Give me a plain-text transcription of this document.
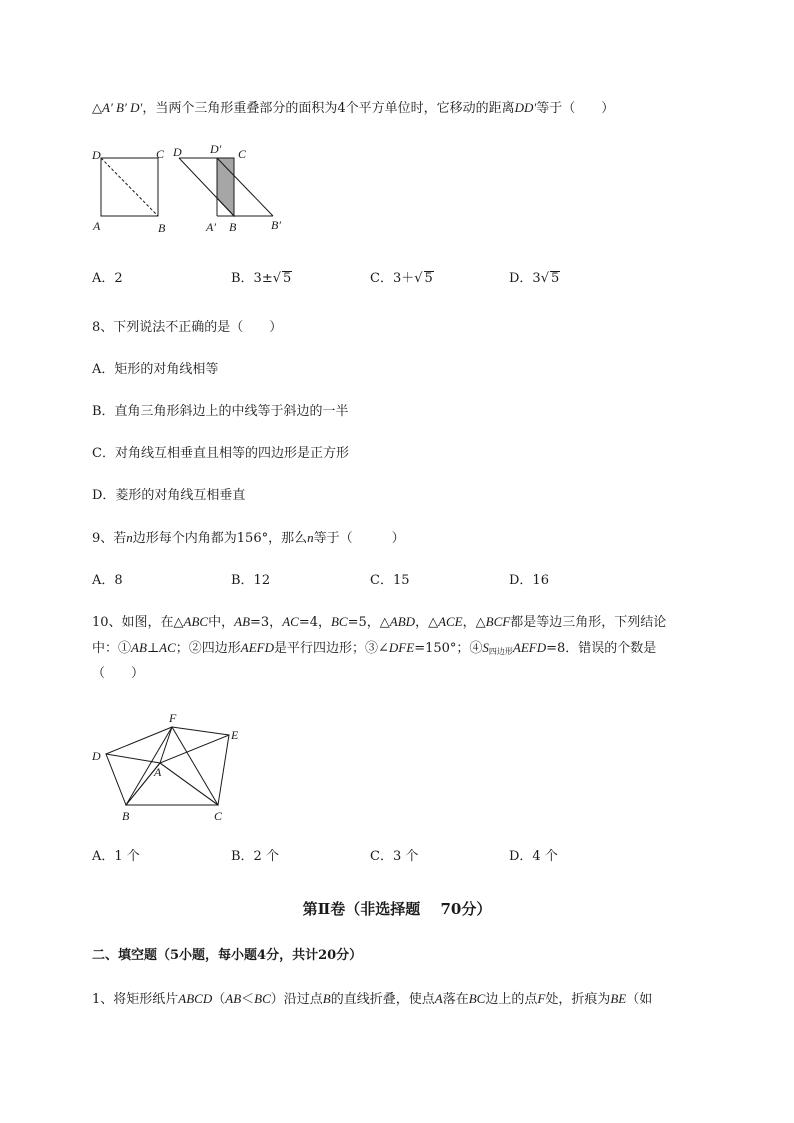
△A′ B′ D′，当两个三角形重叠部分的面积为4个平方单位时，它移动的距离DD′等于（　　）
D	C
A	B
D D′ C
A′ B	B′
A．2	B．3±√ 5	C．3＋√ 5	D．3√ 5
8、下列说法不正确的是（　　）
A．矩形的对角线相等
B．直角三角形斜边上的中线等于斜边的一半
C．对角线互相垂直且相等的四边形是正方形
D．菱形的对角线互相垂直
9、若n边形每个内角都为156°，那么n等于（　　　）
A．8	B．12	C．15	D．16
10、如图，在△ABC中，AB=3，AC=4，BC=5，△ABD，△ACE，△BCF都是等边三角形，下列结论
中：①AB⊥AC；②四边形AEFD是平行四边形；③∠DFE=150°；$④S_{四边形}AEFD=8$．错误的个数是
（　　）
F
E
D
A
B	C
A．1 个	B．2 个	C．3 个	D．4 个
第Ⅱ卷（非选择题　 70分）
二、填空题（5小题，每小题4分，共计20分）
1、将矩形纸片ABCD（AB＜BC）沿过点B的直线折叠，使点A落在BC边上的点F处，折痕为BE（如
